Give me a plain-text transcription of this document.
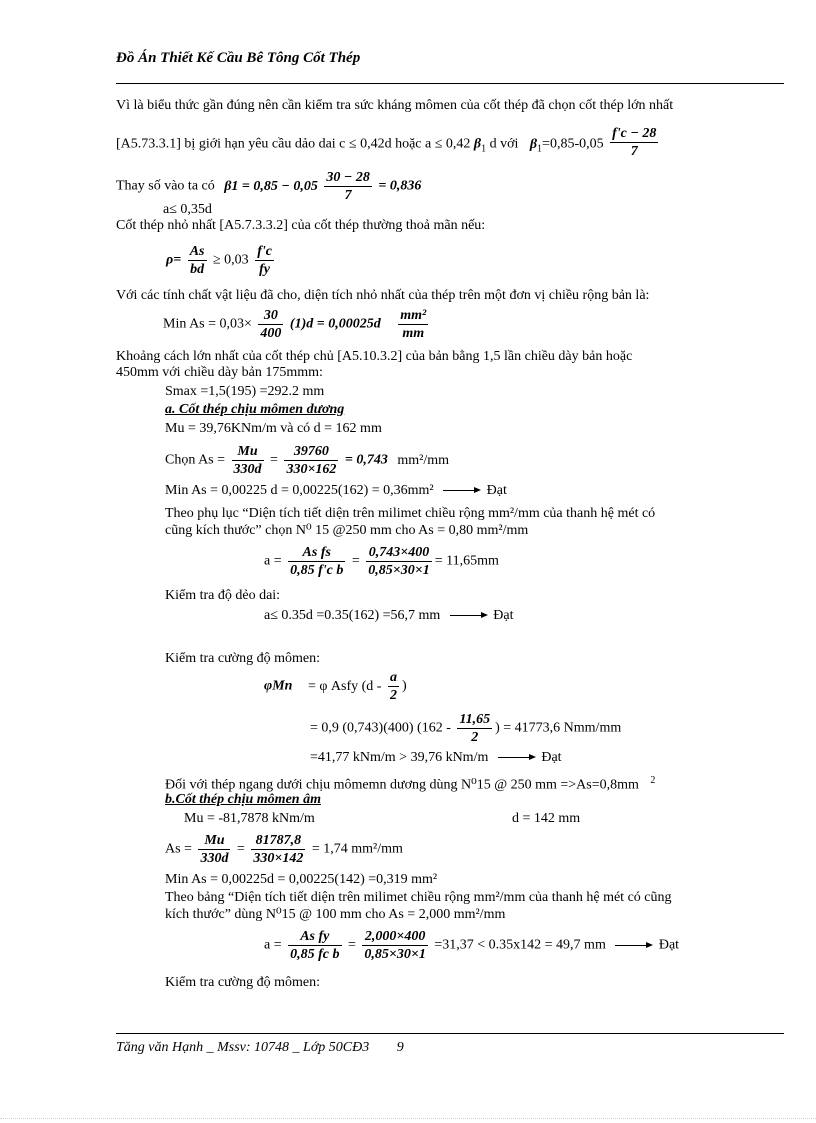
Đồ Án Thiết Kế Cầu Bê Tông Cốt Thép
Vì là biểu thức gần đúng nên cần kiểm tra sức kháng mômen của cốt thép đã chọn cốt thép lớn nhất
[A5.73.3.1] bị giới hạn yêu cầu dảo dai c ≤ 0,42d hoặc a ≤ 0,42 $\beta_1$ d với $\beta_1=0,85-0,05 \frac{f'c - 28}{7}$
Thay số vào ta có $\beta 1 = 0,85 - 0,05 \frac{30 - 28}{7} = 0,836$
a≤ 0,35d
Cốt thép nhỏ nhất [A5.7.3.3.2] của cốt thép thường thoả mãn nếu:
$\rho= \frac{As}{bd} \ge 0,03 \frac{f'c}{fy}$
Với các tính chất vật liệu đã cho, diện tích nhỏ nhất của thép trên một đơn vị chiều rộng bản là:
Min $As = 0,03\times \frac{30}{400} (1)d = 0,00025d \frac{\text{mm²}}{mm}$
Khoảng cách lớn nhất của cốt thép chủ [A5.10.3.2] của bản bằng 1,5 lần chiều dày bản hoặc
450mm với chiều dày bản 175mmm:
Smax =1,5(195) =292.2 mm
a. Cốt thép chịu mômen dương
Mu = 39,76KNm/m và có d = 162 mm
Chọn $As = \frac{Mu}{330d} = \frac{39760}{330\times 162} = 0,743$ mm²/mm
Min As = 0,00225 d = 0,00225(162) = 0,36mm²	Đạt
Theo phụ lục “Diện tích tiết diện trên milimet chiều rộng mm²/mm của thanh hệ mét có
cũng kích thước” chọn N⁰ 15 @250 mm cho As = 0,80 mm²/mm
$a = \frac{\text{As fs}}{\text{0,85 f'c b}} = \frac{0,743\times 400}{0,85\times 30\times 1} = 11,65mm$
Kiểm tra độ dẻo dai:
a≤ 0.35d =0.35(162) =56,7 mm	Đạt
Kiểm tra cường độ mômen:
φMn = φ Asfy ($d - \frac{a}{2}$ )
= 0,9 (0,743)(400) ($162 - \frac{11,65}{2}$ ) = 41773,6 Nmm/mm
=41,77 kNm/m > 39,76 kNm/m	Đạt
Đối với thép ngang dưới chịu mômemn dương dùng N⁰15 @ 250 mm =>As=0,8mm $^2$
b.Cốt thép chịu mômen âm
Mu = -81,7878 kNm/m	d = 142 mm
$As = \frac{Mu}{330d} = \frac{81787,8}{330\times 142} = 1,74$ mm²/mm
Min As = 0,00225d = 0,00225(142) =0,319 mm²
Theo bảng “Diện tích tiết diện trên milimet chiều rộng mm²/mm của thanh hệ mét có cũng
kích thước” dùng N⁰15 @ 100 mm cho As = 2,000 mm²/mm
$a = \frac{\text{As fy}}{\text{0,85 fc b}} = \frac{2,000\times 400}{0,85\times 30\times 1} =31,37 < 0.35x142 = 49,7$ mm	Đạt
Kiểm tra cường độ mômen:
Tăng văn Hạnh _ Mssv: 10748 _ Lớp 50CĐ3 9
